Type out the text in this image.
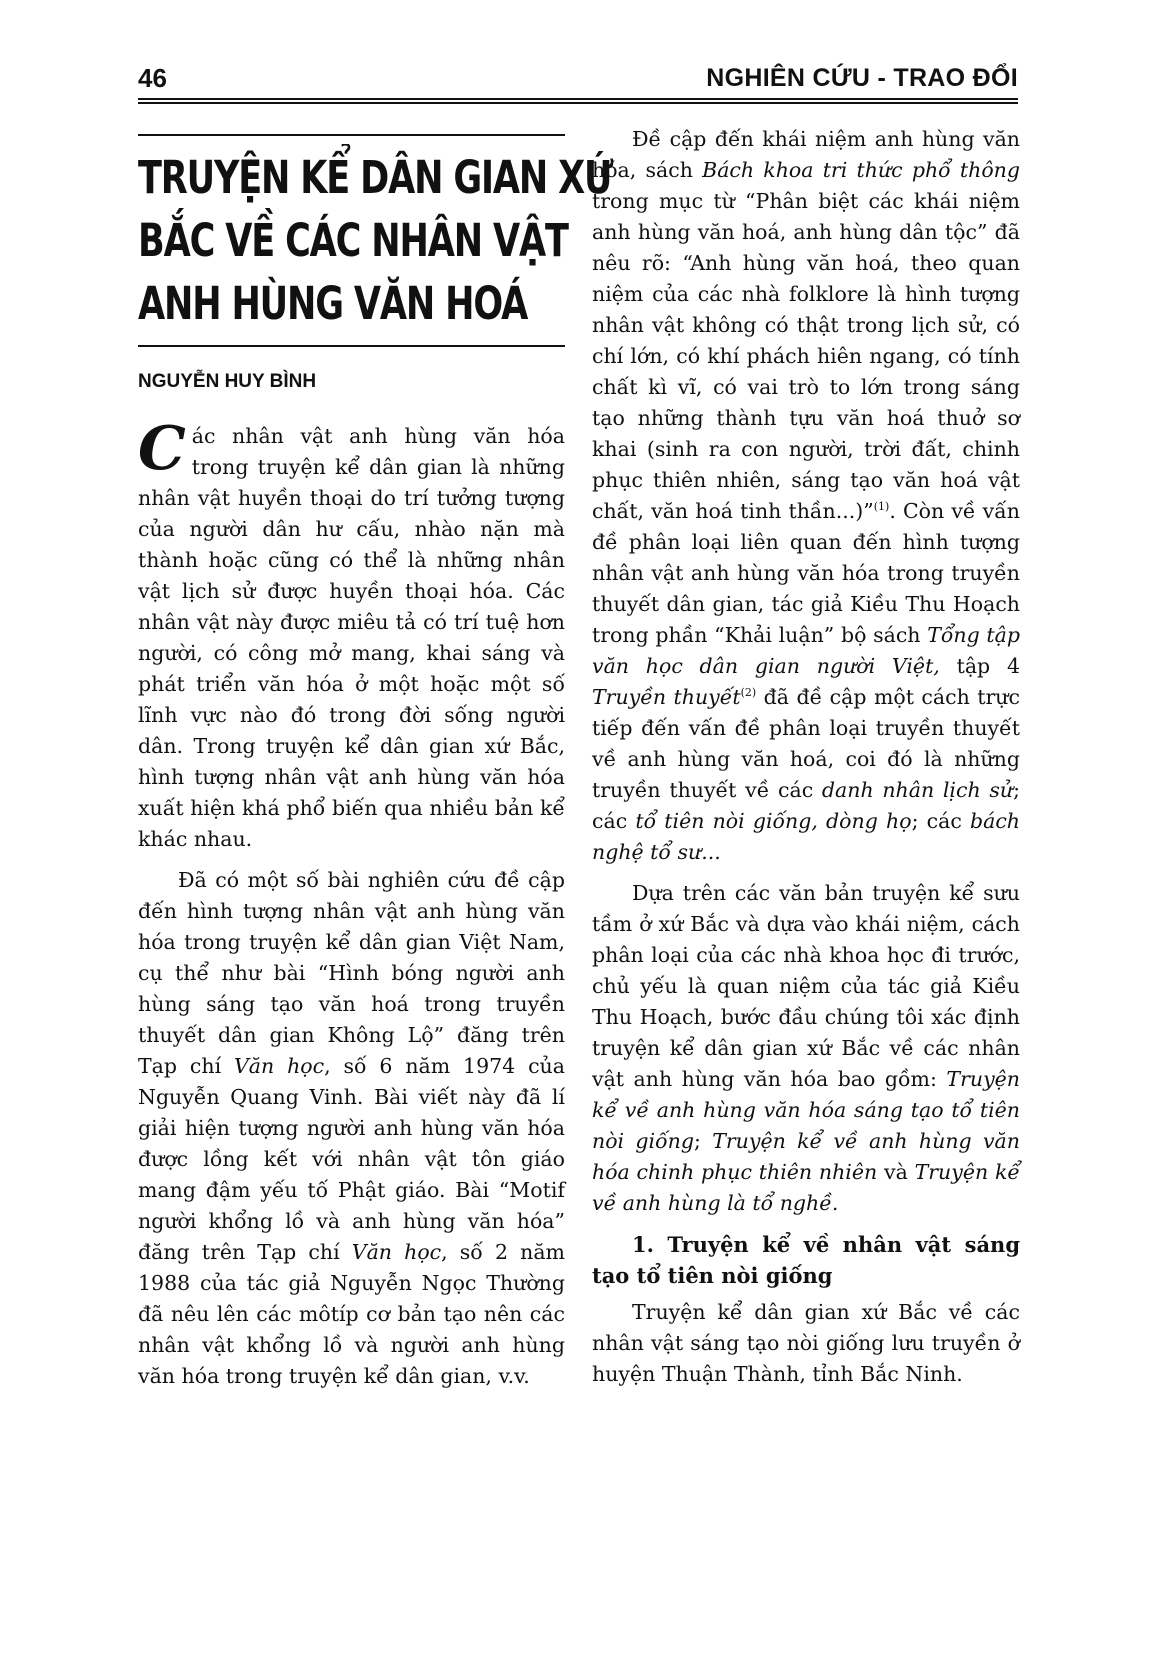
46	NGHIÊN CỨU - TRAO ĐỔI
TRUYỆN KỂ DÂN GIAN XỨ
BẮC VỀ CÁC NHÂN VẬT
ANH HÙNG VĂN HOÁ
NGUYỄN HUY BÌNH

Các nhân vật anh hùng văn hóa trong truyện kể dân gian là những nhân vật huyền thoại do trí tưởng tượng của người dân hư cấu, nhào nặn mà thành hoặc cũng có thể là những nhân vật lịch sử được huyền thoại hóa. Các nhân vật này được miêu tả có trí tuệ hơn người, có công mở mang, khai sáng và phát triển văn hóa ở một hoặc một số lĩnh vực nào đó trong đời sống người dân. Trong truyện kể dân gian xứ Bắc, hình tượng nhân vật anh hùng văn hóa xuất hiện khá phổ biến qua nhiều bản kể khác nhau.

Đã có một số bài nghiên cứu đề cập đến hình tượng nhân vật anh hùng văn hóa trong truyện kể dân gian Việt Nam, cụ thể như bài “Hình bóng người anh hùng sáng tạo văn hoá trong truyền thuyết dân gian Không Lộ” đăng trên Tạp chí Văn học, số 6 năm 1974 của Nguyễn Quang Vinh. Bài viết này đã lí giải hiện tượng người anh hùng văn hóa được lồng kết với nhân vật tôn giáo mang đậm yếu tố Phật giáo. Bài “Motif người khổng lồ và anh hùng văn hóa” đăng trên Tạp chí Văn học, số 2 năm 1988 của tác giả Nguyễn Ngọc Thường đã nêu lên các môtíp cơ bản tạo nên các nhân vật khổng lồ và người anh hùng văn hóa trong truyện kể dân gian, v.v.

Đề cập đến khái niệm anh hùng văn hóa, sách Bách khoa tri thức phổ thông trong mục từ “Phân biệt các khái niệm anh hùng văn hoá, anh hùng dân tộc” đã nêu rõ: “Anh hùng văn hoá, theo quan niệm của các nhà folklore là hình tượng nhân vật không có thật trong lịch sử, có chí lớn, có khí phách hiên ngang, có tính chất kì vĩ, có vai trò to lớn trong sáng tạo những thành tựu văn hoá thuở sơ khai (sinh ra con người, trời đất, chinh phục thiên nhiên, sáng tạo văn hoá vật chất, văn hoá tinh thần...)”$^{(1)}$. Còn về vấn đề phân loại liên quan đến hình tượng nhân vật anh hùng văn hóa trong truyền thuyết dân gian, tác giả Kiều Thu Hoạch trong phần “Khải luận” bộ sách Tổng tập văn học dân gian người Việt, tập 4 Truyền thuyết$^{(2)}$ đã đề cập một cách trực tiếp đến vấn đề phân loại truyền thuyết về anh hùng văn hoá, coi đó là những truyền thuyết về các danh nhân lịch sử; các tổ tiên nòi giống, dòng họ; các bách nghệ tổ sư...

Dựa trên các văn bản truyện kể sưu tầm ở xứ Bắc và dựa vào khái niệm, cách phân loại của các nhà khoa học đi trước, chủ yếu là quan niệm của tác giả Kiều Thu Hoạch, bước đầu chúng tôi xác định truyện kể dân gian xứ Bắc về các nhân vật anh hùng văn hóa bao gồm: Truyện kể về anh hùng văn hóa sáng tạo tổ tiên nòi giống; Truyện kể về anh hùng văn hóa chinh phục thiên nhiên và Truyện kể về anh hùng là tổ nghề.

1. Truyện kể về nhân vật sáng tạo tổ tiên nòi giống

Truyện kể dân gian xứ Bắc về các nhân vật sáng tạo nòi giống lưu truyền ở huyện Thuận Thành, tỉnh Bắc Ninh.
